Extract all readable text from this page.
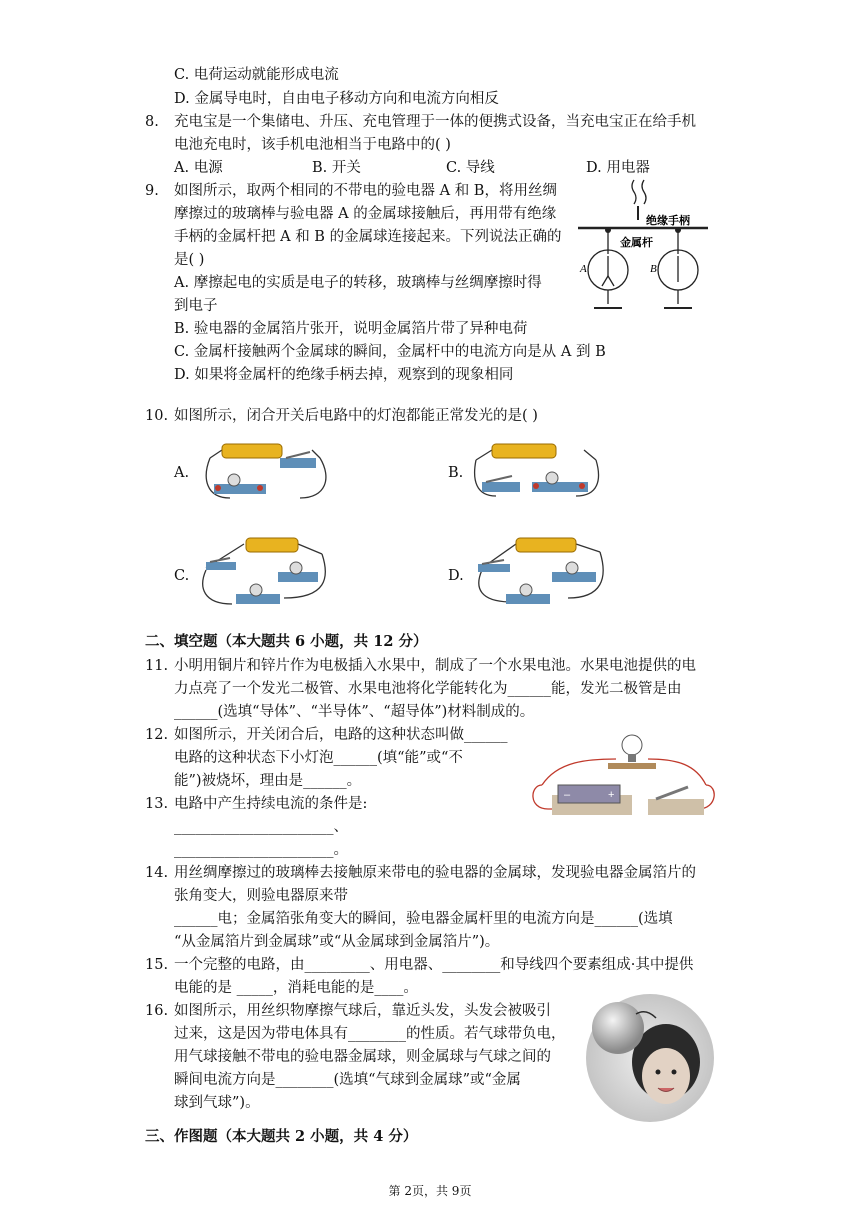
C. 电荷运动就能形成电流
D. 金属导电时，自由电子移动方向和电流方向相反
8. 充电宝是一个集储电、升压、充电管理于一体的便携式设备，当充电宝正在给手机
电池充电时，该手机电池相当于电路中的( )
A. 电源	B. 开关	C. 导线	D. 用电器
9. 如图所示，取两个相同的不带电的验电器 A 和 B，将用丝绸
摩擦过的玻璃棒与验电器 A 的金属球接触后，再用带有绝缘
手柄的金属杆把 A 和 B 的金属球连接起来。下列说法正确的
是( )
A. 摩擦起电的实质是电子的转移，玻璃棒与丝绸摩擦时得
到电子
B. 验电器的金属箔片张开，说明金属箔片带了异种电荷
C. 金属杆接触两个金属球的瞬间，金属杆中的电流方向是从 A 到 B
D. 如果将金属杆的绝缘手柄去掉，观察到的现象相同
绝缘手柄
金属杆
A	B
10. 如图所示，闭合开关后电路中的灯泡都能正常发光的是( )
A.	B.
C.	D.
二、填空题（本大题共 6 小题，共 12 分）
11. 小明用铜片和锌片作为电极插入水果中，制成了一个水果电池。水果电池提供的电
力点亮了一个发光二极管、水果电池将化学能转化为______能，发光二极管是由
______(选填“导体”、“半导体”、“超导体”)材料制成的。
12. 如图所示，开关闭合后，电路的这种状态叫做______
电路的这种状态下小灯泡______(填“能”或“不
能”)被烧坏，理由是______。
–	+
13. 电路中产生持续电流的条件是:
______________________、
______________________。
14. 用丝绸摩擦过的玻璃棒去接触原来带电的验电器的金属球，发现验电器金属箔片的
张角变大，则验电器原来带
______电；金属箔张角变大的瞬间，验电器金属杆里的电流方向是______(选填
“从金属箔片到金属球”或“从金属球到金属箔片”)。
15. 一个完整的电路，由_________、用电器、________和导线四个要素组成·其中提供
电能的是 _____，消耗电能的是____。
16. 如图所示，用丝织物摩擦气球后，靠近头发，头发会被吸引
过来，这是因为带电体具有________的性质。若气球带负电，
用气球接触不带电的验电器金属球，则金属球与气球之间的
瞬间电流方向是________(选填“气球到金属球”或“金属
球到气球”)。
三、作图题（本大题共 2 小题，共 4 分）
第 2页，共 9页
